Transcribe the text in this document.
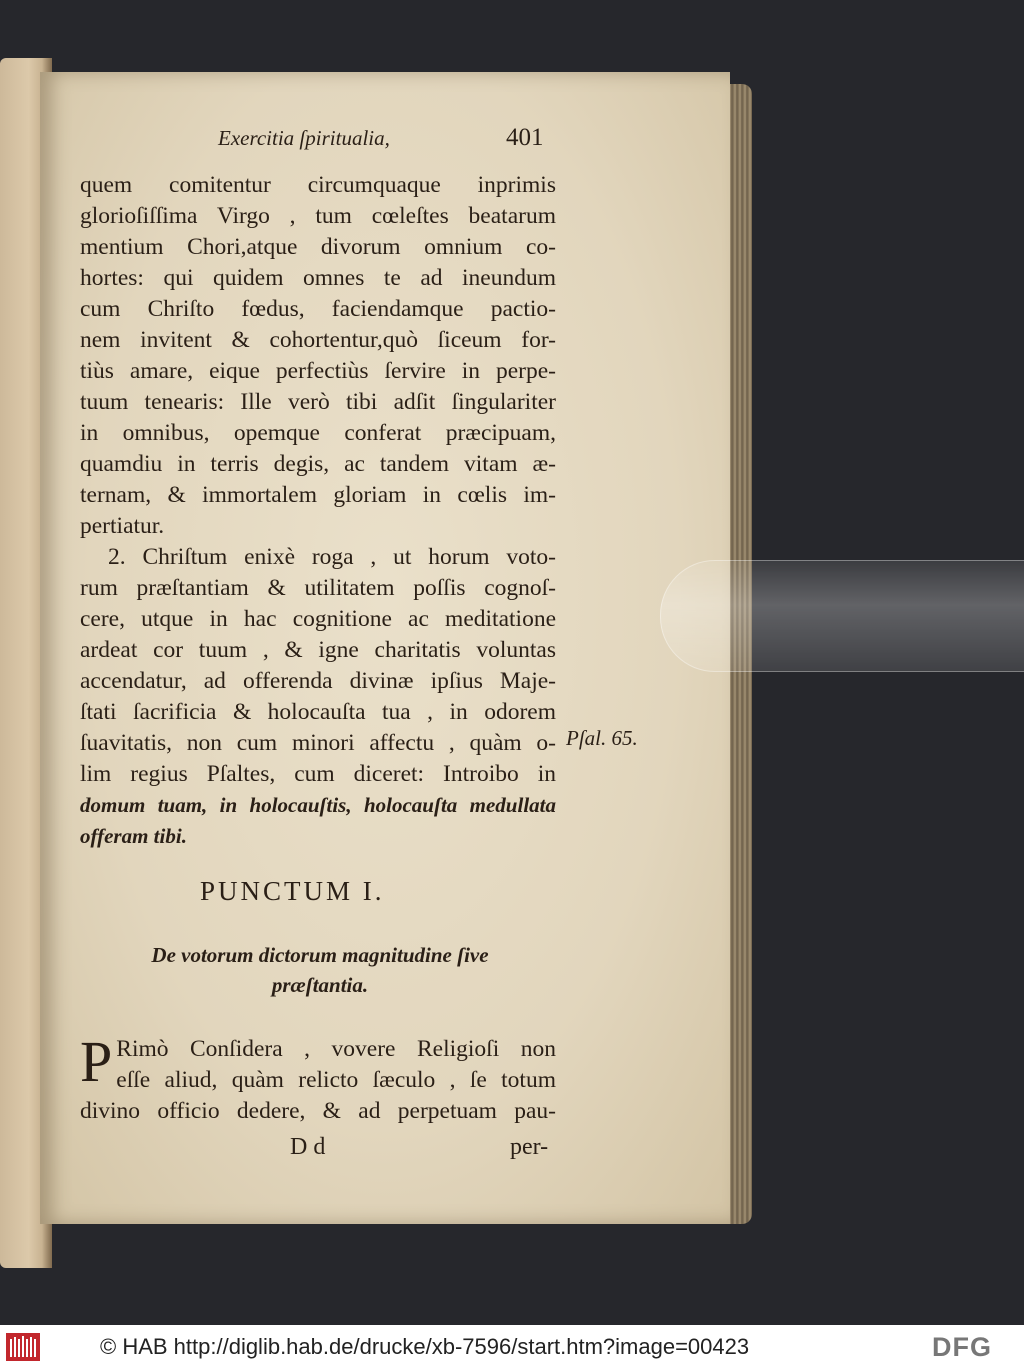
Exercitia ſpiritualia,	401
quem comitentur circumquaque inprimis
glorioſiſſima Virgo , tum cœleſtes beatarum
mentium Chori,atque divorum omnium co-
hortes: qui quidem omnes te ad ineundum
cum Chriſto fœdus, faciendamque pactio-
nem invitent & cohortentur,quò ſiceum for-
tiùs amare, eique perfectiùs ſervire in perpe-
tuum tenearis: Ille verò tibi adſit ſingulariter
in omnibus, opemque conferat præcipuam,
quamdiu in terris degis, ac tandem vitam æ-
ternam, & immortalem gloriam in cœlis im-
pertiatur.
2. Chriſtum enixè roga , ut horum voto-
rum præſtantiam & utilitatem poſſis cognoſ-
cere, utque in hac cognitione ac meditatione
ardeat cor tuum , & igne charitatis voluntas
accendatur, ad offerenda divinæ ipſius Maje-
ſtati ſacrificia & holocauſta tua , in odorem
ſuavitatis, non cum minori affectu , quàm o-
lim regius Pſaltes, cum diceret: Introibo in
domum tuam, in holocauſtis, holocauſta medullata
offeram tibi.
Pſal. 65.
PUNCTUM I.
De votorum dictorum magnitudine ſive
præſtantia.
P Rimò Conſidera , vovere Religioſi non
eſſe aliud, quàm relicto ſæculo , ſe totum
divino officio dedere, & ad perpetuam pau-
D d	per-
© HAB http://diglib.hab.de/drucke/xb-7596/start.htm?image=00423	DFG
